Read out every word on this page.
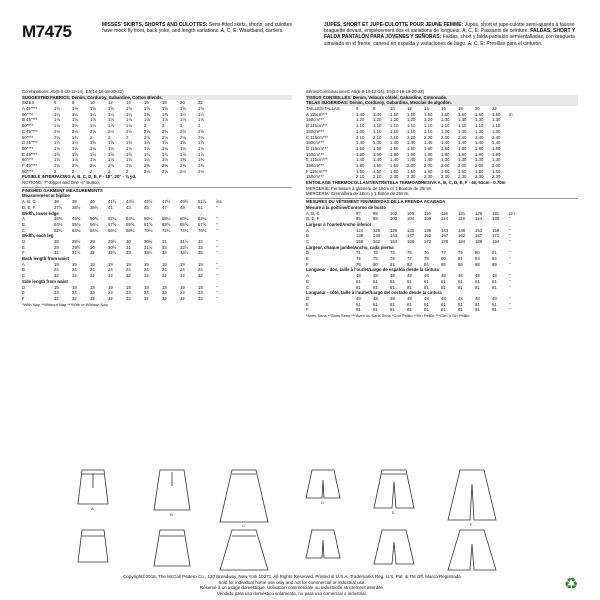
M7475	MISSES' SKIRTS, SHORTS AND CULOTTES: Semi-fitted skirts, shorts, and culottes have mock fly front, back yoke, and length variations. A, C, E: Waistband, carriers.
JUPES, SHORT ET JUPE-CULOTTE POUR JEUNE FEMME: Jupes, short et jupe-culotte semi-ajustés à fausse braguette devant, empiècement dos et variations de longueur. A, C, E: Passants de ceinture. FALDAS, SHORT Y FALDA PANTALÓN PARA JÓVENES Y SEÑORAS: Faldas, short y falda pantalón semientalladas, con bragueta simulada en el frente, canesú en espalda y variaciones de largo. A, C, E: Presillas para el cinturón.
Combinations: A5(6-8-10-12-14), E5(14-16-18-20-22)
SUGGESTED FABRICS: Denim, Corduroy, Gabardine, Cotton Blends.
SIZES	6	8	10	12	14	16	18	20	22
A 45"***	1½	1½	1⅝	1⅝	1⅝	1⅝	1⅝	1⅝	1⅝
60"***	1¼	1¼	1¼	1¼	1¼	1⅜	1⅜	1½	1½
B 45"***	1⅛	1⅛	1⅛	1⅛	1⅛	1⅛	1⅛	1⅛	1⅛
60"***	1⅛	1⅛	1⅛	1⅞	1⅛	2	2	2	2
C 45"***	2⅛	2⅛	2⅛	2⅛	2½	2⅝	2⅝	2⅝	2⅝
60"***	2⅛	1¾	2	2	2	2⅛	2⅛	2⅛	2⅛
D 45"***	1½	1½	1⅝	1⅝	1⅝	1⅝	1⅝	1⅝	1⅝
60"***	1⅛	1⅛	1⅛	1⅛	1⅛	1⅛	1⅛	1⅛	1⅛
E 45"***	1⅝	1⅝	1⅝	1⅝	1⅝	1¾	1¾	1⅞	1⅞
60"***	1⅛	1⅛	1⅛	1⅛	1⅛	1¼	1¼	1⅜	1⅜
F 45"***	2⅛	2⅛	2⅛	2⅛	2⅛	2⅜	2⅜	2⅜	2⅜
60"***	2	2	2	2	2	2⅛	2⅛	2⅛	2⅛
FUSIBLE INTERFACING A, B, C, D, E, F - 18", 20" - ⅜ yd.
NOTIONS: 7" Zipper and One ⅞" Button.
FINISHED GARMENT MEASUREMENTS
Measurement at hipline
A, B, C	38	39	40	41½	43½	45½	47½	49½	51½	ins.
D, E, F	37½	38½	39½	41	43	45	47	49	51	"
Width, lower edge
A	48¾	49¾	50¾	52¼	54¼	56¼	58¼	60¼	62¼	"
B	54⅛	55⅛	56⅛	57⅝	59⅝	61⅝	63⅝	65⅝	67⅝	"
C	62¾	63¾	64¾	66¼	68¼	70¼	72¼	74¼	76¼	"
Width, each leg
D	28	28½	29	29½	30	30½	31	31½	32	"
E	29	29½	30	30½	31	31½	32	32½	33	"
F	31	31½	32	32½	33	33½	34	34½	35	"
Back length from waist
A	19	19	19	19	19	19	19	19	19	"
B	24	24	24	24	24	24	24	24	24	"
C	32	32	32	32	32	32	32	32	32	"
Side length from waist
D	19	19	19	19	19	19	19	19	19	"
E	24	24	24	24	24	24	24	24	24	"
F	32	32	32	32	32	32	32	32	32	"
*With Nap **Without Nap ***With or Without Nap
Séries/Combinaciones: A5(6-8-10-12-14), E5(14-16-18-20-22)
TISSUS CONSEILLÉS: Denim, Velours côtelé, Gabardine, Cotonnade.
TELAS SUGERIDAS: Denim, Corduroy, Gabardina, Mezclas de algodón.
TAILLES/TALLAS	6	8	10	12	14	16	18	20	22
A 115cm***	1.40	1.40	1.50	1.50	1.50	1.50	1.60	1.60	1.60	m
150cm***	1.20	1.20	1.20	1.20	1.20	1.30	1.30	1.30	1.30
B 115cm***	1.10	1.10	1.10	1.10	1.10	1.10	1.10	1.10	1.10
150cm***	1.00	1.10	1.10	1.10	1.10	1.20	1.30	1.30	1.30
C 115cm***	2.10	2.10	2.10	2.20	2.20	2.30	2.40	2.40	2.40
150cm***	1.40	1.40	1.40	1.40	1.40	1.40	1.40	1.40	1.40
D 115cm***	1.50	1.50	1.50	1.50	1.60	1.60	1.80	1.80	1.80
150cm***	1.60	1.60	1.90	1.90	1.90	1.90	1.90	1.90	1.90
E 115cm***	1.40	1.40	1.40	1.40	1.40	1.30	1.30	1.30	1.30
150cm***	1.60	1.60	1.60	2.00	2.00	2.00	2.00	2.00	2.00
F 115cm***	1.50	1.50	1.50	1.50	1.50	1.50	1.50	1.50	1.50
150cm***	2.10	2.10	2.30	2.30	2.30	2.30	2.30	2.30	2.30
ENTOILAGE THERMOCOLLANT/ENTRETELA TERMOADHESIVA A, B, C, D, E, F - 46, 51cm - 0.70m
MERCERIE: Fermeture à glissière de 18cm et 1 Bouton de 25mm.
MERCERÍA: Cremallera de 18cm y 1 Botón de 25mm.
MESURES DU VÊTEMENT FINI/MEDIDAS DE LA PRENDA ACABADA
Mesure à la poitrine/Contorno de busto
A, B, C	97	99	102	105	110	116	121	126	131	cm
D, E, F	95	98	100	104	109	114	119	124	130	"
Largeur à l'ourlet/Ancho inferior
A	124	126	129	133	138	143	148	153	158	"
B	138	140	143	147	152	157	162	167	172	"
C	159	162	164	168	173	178	184	189	194	"
Largeur, chaque jambe/Ancho, cada pierna
D	71	72	74	75	76	77	79	80	81	"
E	74	75	76	77	79	80	81	83	84	"
F	79	80	81	83	84	85	86	88	89	"
Longueur - dos, taille à l'ourlet/Largo de espalda desde la cintura
A	48	48	48	48	48	48	48	48	48	"
B	61	61	61	61	61	61	61	61	61	"
C	81	81	81	81	81	81	81	81	81	"
Longueur - côté, taille à l'ourlet/Largo del costado desde la cintura
D	48	48	48	48	48	48	48	48	48	"
E	61	61	61	61	61	61	61	61	61	"
F	81	81	81	81	81	81	81	81	81	"
*Avec Sens **Sans Sens ***Avec ou Sans Sens *Con Pelillo **Sin Pelillo ***Con o Sin Pelillo
A
B
C
D
E
F
Copyright©2016, The McCall Pattern Co., 120 Broadway, New York 10271. All Rights Reserved. Printed in U.S.A. Trademarks Reg. U.S. Pat. & TM Off. Marca Registrada
Sold for individual home use only and not for commercial or industrial use.
Réservé à un usage domestique. Utilisation commerciale ou industrielle strictement interdite.
Vendido para uso doméstico solamente, no para uso comercial o industrial.	♻
